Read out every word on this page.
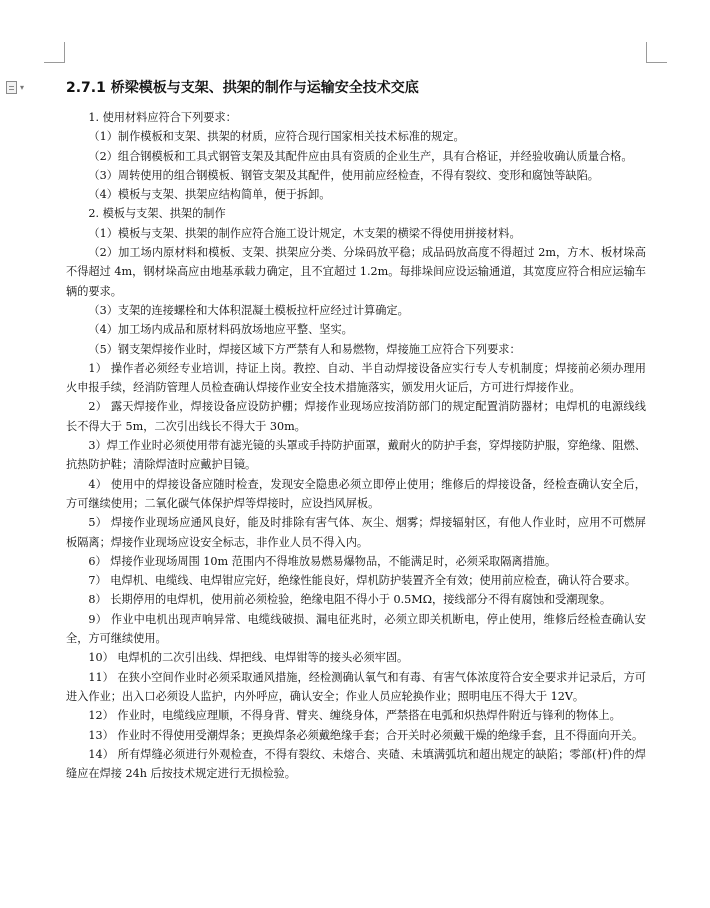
▾	2.7.1 桥梁模板与支架、拱架的制作与运输安全技术交底

1. 使用材料应符合下列要求：

（1）制作模板和支架、拱架的材质，应符合现行国家相关技术标准的规定。

（2）组合钢模板和工具式钢管支架及其配件应由具有资质的企业生产，具有合格证，并经验收确认质量合格。

（3）周转使用的组合钢模板、钢管支架及其配件，使用前应经检查，不得有裂纹、变形和腐蚀等缺陷。

（4）模板与支架、拱架应结构简单，便于拆卸。

2. 模板与支架、拱架的制作

（1）模板与支架、拱架的制作应符合施工设计规定，木支架的横梁不得使用拼接材料。

（2）加工场内原材料和模板、支架、拱架应分类、分垛码放平稳；成品码放高度不得超过 2m，方木、板材垛高不得超过 4m，钢材垛高应由地基承载力确定，且不宜超过 1.2m。每排垛间应设运输通道，其宽度应符合相应运输车辆的要求。

（3）支架的连接螺栓和大体积混凝土模板拉杆应经过计算确定。

（4）加工场内成品和原材料码放场地应平整、坚实。

（5）钢支架焊接作业时，焊接区域下方严禁有人和易燃物，焊接施工应符合下列要求：

1） 操作者必须经专业培训，持证上岗。教控、自动、半自动焊接设备应实行专人专机制度；焊接前必须办理用火申报手续，经消防管理人员检查确认焊接作业安全技术措施落实，颁发用火证后，方可进行焊接作业。

2） 露天焊接作业，焊接设备应设防护棚；焊接作业现场应按消防部门的规定配置消防器材；电焊机的电源线线长不得大于 5m，二次引出线长不得大于 30m。

3）焊工作业时必须使用带有滤光镜的头罩或手持防护面罩，戴耐火的防护手套，穿焊接防护服，穿绝缘、阻燃、抗热防护鞋；清除焊渣时应戴护目镜。

4） 使用中的焊接设备应随时检查，发现安全隐患必须立即停止使用；维修后的焊接设备，经检查确认安全后，方可继续使用；二氧化碳气体保护焊等焊接时，应设挡风屏板。

5） 焊接作业现场应通风良好，能及时排除有害气体、灰尘、烟雾；焊接辐射区，有他人作业时，应用不可燃屏板隔离；焊接作业现场应设安全标志，非作业人员不得入内。

6） 焊接作业现场周围 10m 范围内不得堆放易燃易爆物品，不能满足时，必须采取隔离措施。

7） 电焊机、电缆线、电焊钳应完好，绝缘性能良好，焊机防护装置齐全有效；使用前应检查，确认符合要求。

8） 长期停用的电焊机，使用前必须检验，绝缘电阻不得小于 0.5MΩ，接线部分不得有腐蚀和受潮现象。

9） 作业中电机出现声响异常、电缆线破损、漏电征兆时，必须立即关机断电，停止使用，维修后经检查确认安全，方可继续使用。

10） 电焊机的二次引出线、焊把线、电焊钳等的接头必须牢固。

11） 在狭小空间作业时必须采取通风措施，经检测确认氧气和有毒、有害气体浓度符合安全要求并记录后，方可进入作业；出入口必须设人监护，内外呼应，确认安全；作业人员应轮换作业；照明电压不得大于 12V。

12） 作业时，电缆线应理顺，不得身背、臂夹、缠绕身体，严禁搭在电弧和炽热焊件附近与锋利的物体上。

13） 作业时不得使用受潮焊条；更换焊条必须戴绝缘手套；合开关时必须戴干燥的绝缘手套，且不得面向开关。

14） 所有焊缝必须进行外观检查，不得有裂纹、未熔合、夹碴、未填满弧坑和超出规定的缺陷；零部(杆)件的焊缝应在焊接 24h 后按技术规定进行无损检验。
